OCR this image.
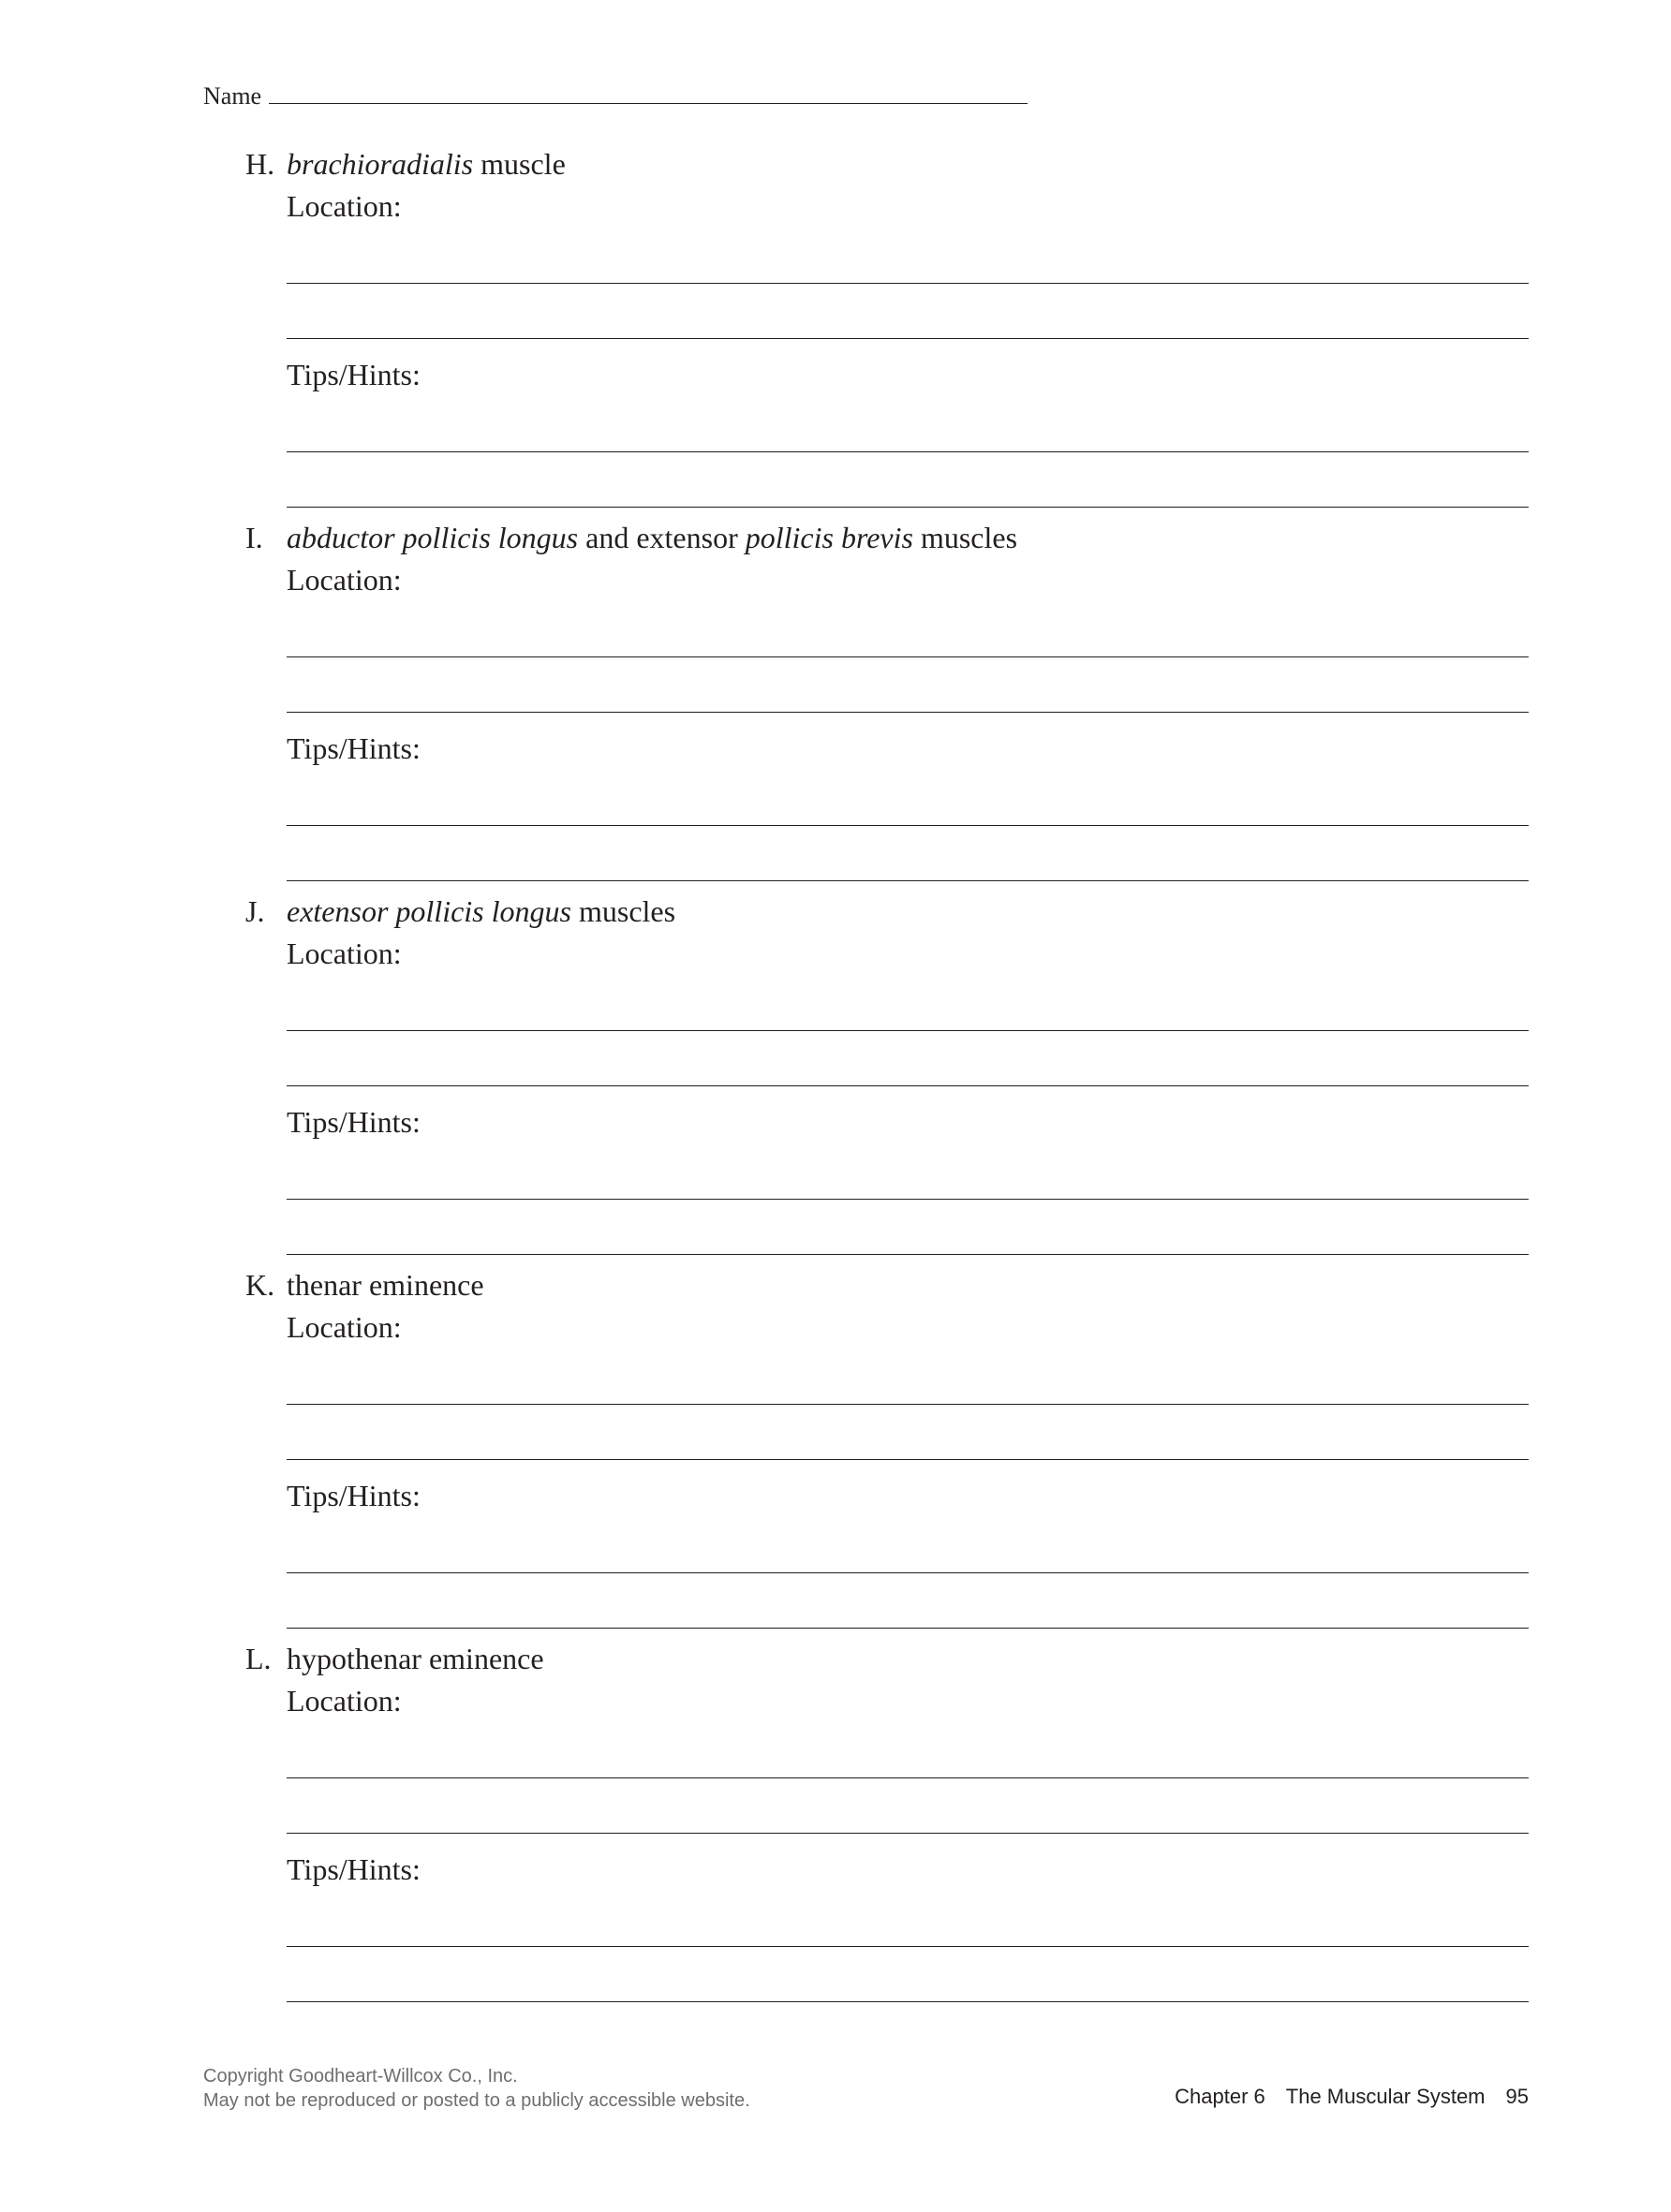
Name
H. brachioradialis muscle
Location:
Tips/Hints:
I. abductor pollicis longus and extensor pollicis brevis muscles
Location:
Tips/Hints:
J. extensor pollicis longus muscles
Location:
Tips/Hints:
K. thenar eminence
Location:
Tips/Hints:
L. hypothenar eminence
Location:
Tips/Hints:
Copyright Goodheart-Willcox Co., Inc.
May not be reproduced or posted to a publicly accessible website.	Chapter 6 The Muscular System 95
